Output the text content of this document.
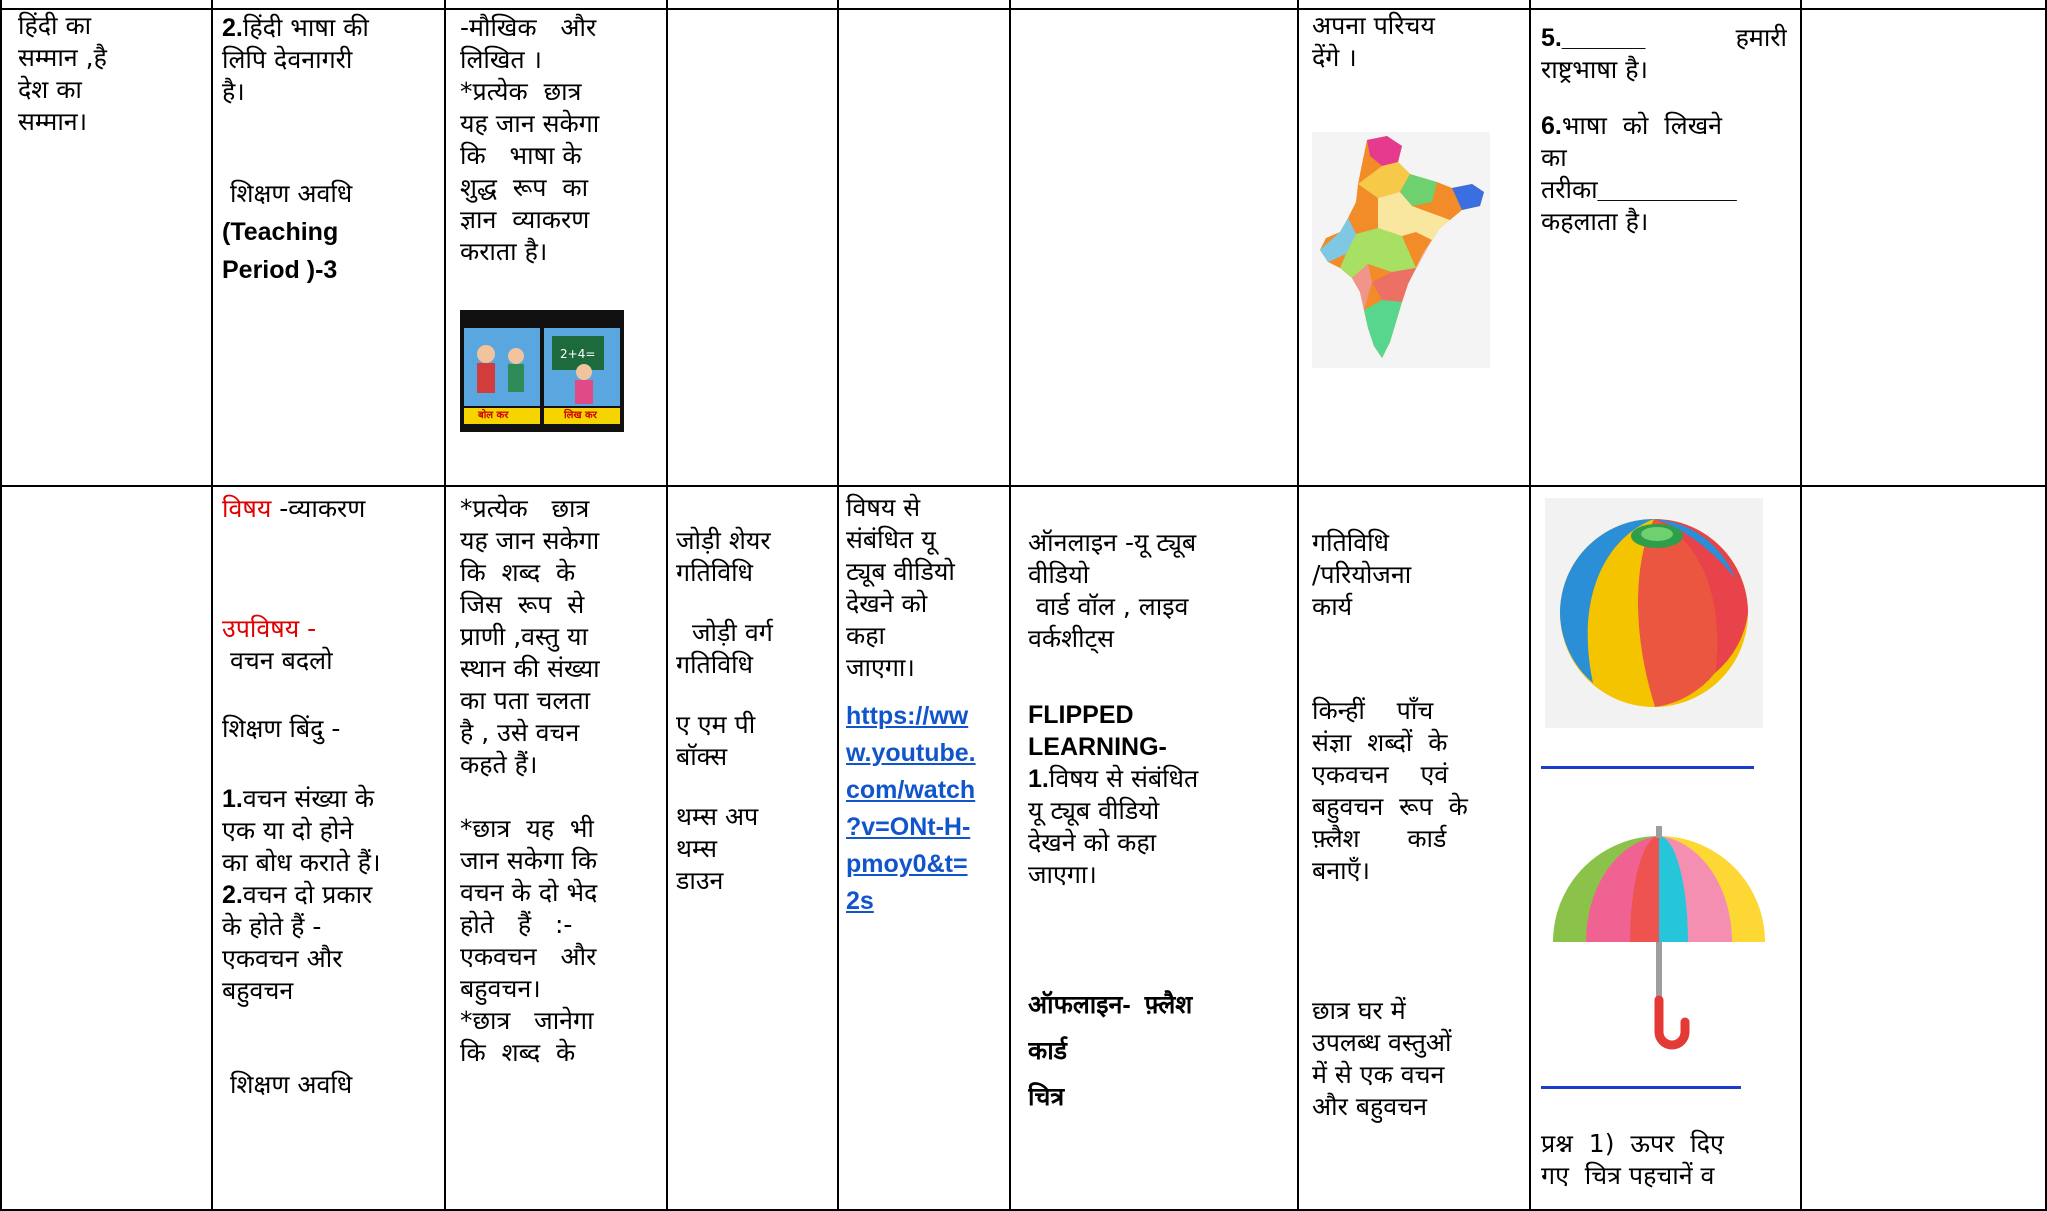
हिंदी का
सम्मान ,है
देश का
सम्मान।
2.हिंदी भाषा की
लिपि देवनागरी
है।
शिक्षण अवधि
(Teaching
Period )-3
-मौखिक   और
लिखित ।
*प्रत्येक  छात्र
यह जान सकेगा
कि   भाषा के
शुद्ध  रूप  का
ज्ञान  व्याकरण
कराता है।
2+4=
बोल कर	लिख कर
अपना परिचय
देंगे ।
5.______	हमारी
राष्ट्रभाषा है।
6.भाषा  को  लिखने
का
तरीका__________
कहलाता है।
विषय -व्याकरण
उपविषय -
वचन बदलो
शिक्षण बिंदु -
1.वचन संख्या के
एक या दो होने
का बोध कराते हैं।
2.वचन दो प्रकार
के होते हैं -
एकवचन और
बहुवचन
शिक्षण अवधि
*प्रत्येक   छात्र
यह जान सकेगा
कि  शब्द  के
जिस  रूप  से
प्राणी ,वस्तु या
स्थान की संख्या
का पता चलता
है , उसे वचन
कहते हैं।
*छात्र  यह  भी
जान सकेगा कि
वचन के दो भेद
होते   हैं   :-
एकवचन   और
बहुवचन।
*छात्र   जानेगा
कि  शब्द  के
जोड़ी शेयर
गतिविधि
जोड़ी वर्ग
गतिविधि
ए एम पी
बॉक्स
थम्स अप
थम्स
डाउन
विषय से
संबंधित यू
ट्यूब वीडियो
देखने को
कहा
जाएगा।
https://ww
w.youtube.
com/watch
?v=ONt-H-
pmoy0&t=
2s
ऑनलाइन -यू ट्यूब
वीडियो
वार्ड वॉल , लाइव
वर्कशीट्स
FLIPPED
LEARNING-
1.विषय से संबंधित
यू ट्यूब वीडियो
देखने को कहा
जाएगा।
ऑफलाइन-  फ़्लैश
कार्ड
चित्र
गतिविधि
/परियोजना
कार्य
किन्हीं    पाँच
संज्ञा  शब्दों  के
एकवचन    एवं
बहुवचन  रूप  के
फ़्लैश      कार्ड
बनाएँ।
छात्र घर में
उपलब्ध वस्तुओं
में से एक वचन
और बहुवचन
प्रश्न  1)  ऊपर  दिए
गए  चित्र पहचानें व
